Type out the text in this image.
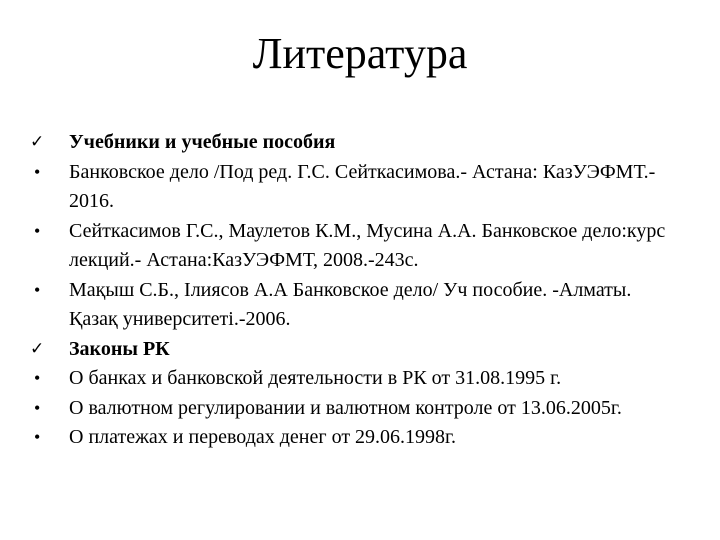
Литература
✓	Учебники и учебные пособия
•	Банковское дело /Под ред. Г.С. Сейткасимова.- Астана: КазУЭФМТ.-
2016.
•	Сейткасимов Г.С., Маулетов К.М., Мусина А.А. Банковское дело:курс
лекций.- Астана:КазУЭФМТ, 2008.-243с.
•	Мақыш С.Б., Ілиясов А.А Банковское дело/ Уч пособие. -Алматы.
Қазақ университеті.-2006.
✓	Законы РК
•	О банках и банковской деятельности в РК от 31.08.1995 г.
•	О валютном регулировании и валютном контроле от 13.06.2005г.
•	О платежах и переводах денег от 29.06.1998г.
